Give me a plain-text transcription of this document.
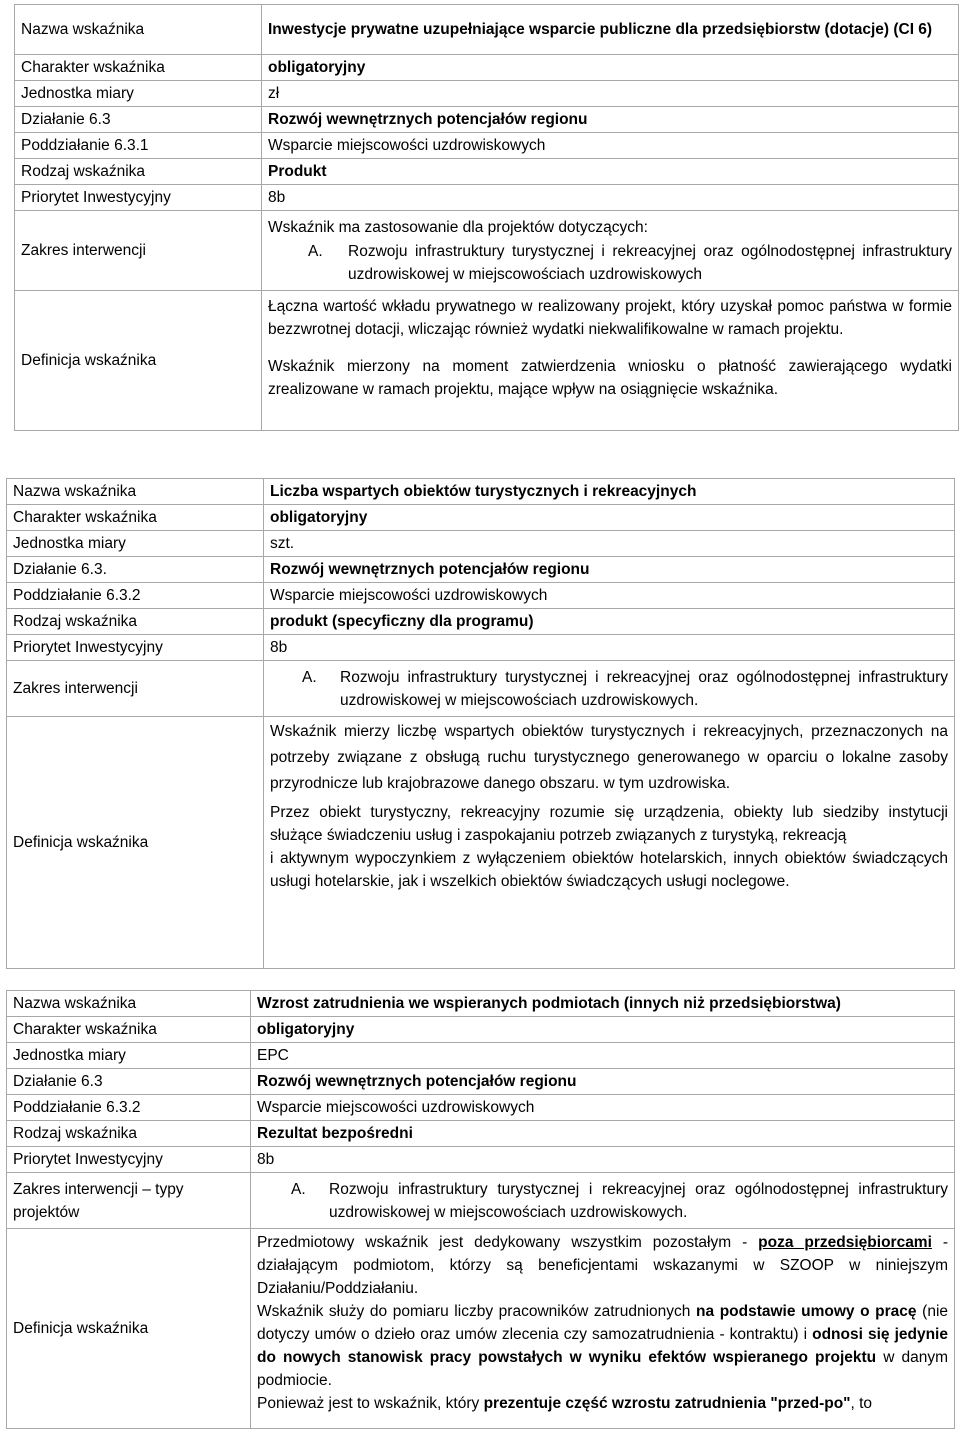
Nazwa wskaźnika	Inwestycje prywatne uzupełniające wsparcie publiczne dla przedsiębiorstw (dotacje) (CI 6)
Charakter wskaźnika	obligatoryjny
Jednostka miary	zł
Działanie 6.3	Rozwój wewnętrznych potencjałów regionu
Poddziałanie 6.3.1	Wsparcie miejscowości uzdrowiskowych
Rodzaj wskaźnika	Produkt
Priorytet Inwestycyjny	8b
Zakres interwencji	Wskaźnik ma zastosowanie dla projektów dotyczących:
A. Rozwoju infrastruktury turystycznej i rekreacyjnej oraz ogólnodostępnej infrastruktury uzdrowiskowej w miejscowościach uzdrowiskowych

Definicja wskaźnika	Łączna wartość wkładu prywatnego w realizowany projekt, który uzyskał pomoc państwa w formie bezzwrotnej dotacji, wliczając również wydatki niekwalifikowalne w ramach projektu.
Wskaźnik mierzony na moment zatwierdzenia wniosku o płatność zawierającego wydatki zrealizowane w ramach projektu, mające wpływ na osiągnięcie wskaźnika.
Nazwa wskaźnika	Liczba wspartych obiektów turystycznych i rekreacyjnych
Charakter wskaźnika	obligatoryjny
Jednostka miary	szt.
Działanie 6.3.	Rozwój wewnętrznych potencjałów regionu
Poddziałanie 6.3.2	Wsparcie miejscowości uzdrowiskowych
Rodzaj wskaźnika	produkt (specyficzny dla programu)
Priorytet Inwestycyjny	8b
Zakres interwencji	A. Rozwoju infrastruktury turystycznej i rekreacyjnej oraz ogólnodostępnej infrastruktury uzdrowiskowej w miejscowościach uzdrowiskowych.

Definicja wskaźnika	Wskaźnik mierzy liczbę wspartych obiektów turystycznych i rekreacyjnych, przeznaczonych na potrzeby związane z obsługą ruchu turystycznego generowanego w oparciu o lokalne zasoby przyrodnicze lub krajobrazowe danego obszaru. w tym uzdrowiska.
Przez obiekt turystyczny, rekreacyjny rozumie się urządzenia, obiekty lub siedziby instytucji służące świadczeniu usług i zaspokajaniu potrzeb związanych z turystyką, rekreacją
i aktywnym wypoczynkiem z wyłączeniem obiektów hotelarskich, innych obiektów świadczących usługi hotelarskie, jak i wszelkich obiektów świadczących usługi noclegowe.
Nazwa wskaźnika	Wzrost zatrudnienia we wspieranych podmiotach (innych niż przedsiębiorstwa)
Charakter wskaźnika	obligatoryjny
Jednostka miary	EPC
Działanie 6.3	Rozwój wewnętrznych potencjałów regionu
Poddziałanie 6.3.2	Wsparcie miejscowości uzdrowiskowych
Rodzaj wskaźnika	Rezultat bezpośredni
Priorytet Inwestycyjny	8b
Zakres interwencji – typy projektów	A. Rozwoju infrastruktury turystycznej i rekreacyjnej oraz ogólnodostępnej infrastruktury uzdrowiskowej w miejscowościach uzdrowiskowych.

Definicja wskaźnika	Przedmiotowy wskaźnik jest dedykowany wszystkim pozostałym - poza przedsiębiorcami - działającym podmiotom, którzy są beneficjentami wskazanymi w SZOOP w niniejszym Działaniu/Poddziałaniu.
Wskaźnik służy do pomiaru liczby pracowników zatrudnionych na podstawie umowy o pracę (nie dotyczy umów o dzieło oraz umów zlecenia czy samozatrudnienia - kontraktu) i odnosi się jedynie do nowych stanowisk pracy powstałych w wyniku efektów wspieranego projektu w danym podmiocie.
Ponieważ jest to wskaźnik, który prezentuje część wzrostu zatrudnienia "przed-po", to
